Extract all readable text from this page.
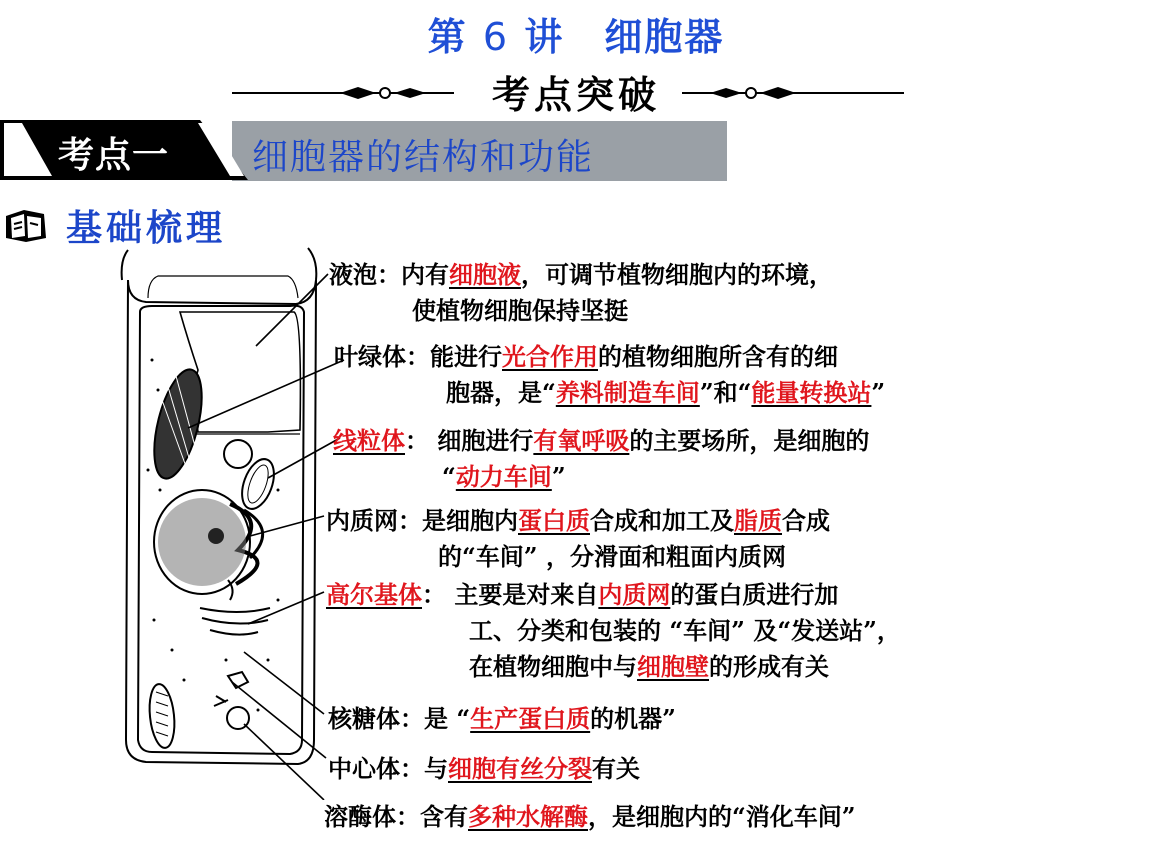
第 6 讲　细胞器
考点突破
考点一 细胞器的结构和功能
基础梳理
液泡：内有细胞液，可调节植物细胞内的环境，
使植物细胞保持坚挺
叶绿体：能进行光合作用的植物细胞所含有的细
胞器，是“养料制造车间”和“能量转换站”
线粒体： 细胞进行有氧呼吸的主要场所，是细胞的
“动力车间”
内质网：是细胞内蛋白质合成和加工及脂质合成
的“车间” ，分滑面和粗面内质网
高尔基体： 主要是对来自内质网的蛋白质进行加
工、分类和包装的 “车间” 及“发送站”，
在植物细胞中与细胞壁的形成有关
核糖体：是 “生产蛋白质的机器”
中心体：与细胞有丝分裂有关
溶酶体：含有多种水解酶，是细胞内的“消化车间”
